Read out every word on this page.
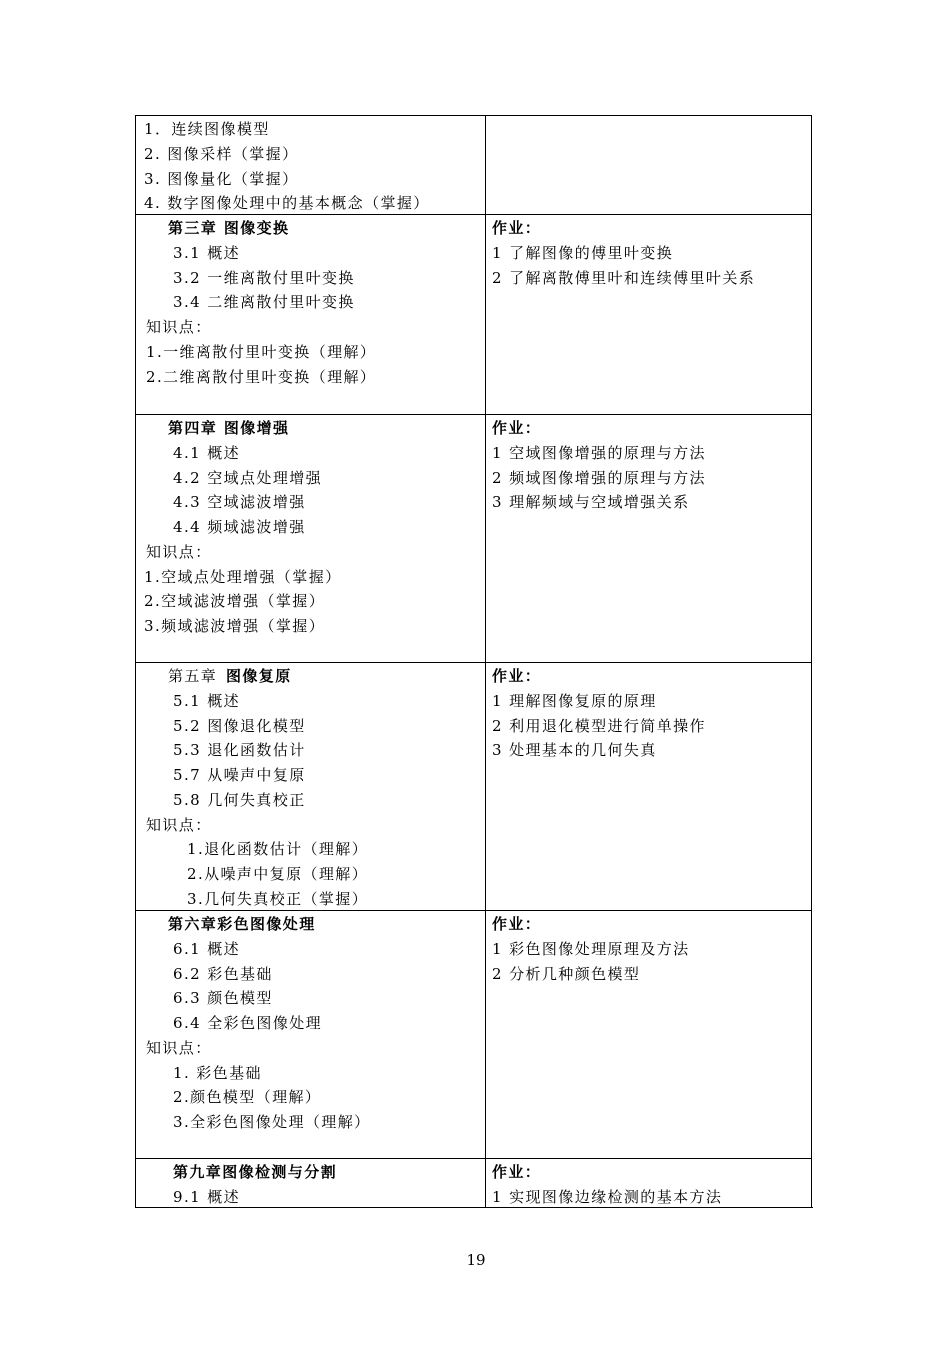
1．连续图像模型
2. 图像采样（掌握）
3. 图像量化（掌握）
4. 数字图像处理中的基本概念（掌握）
第三章 图像变换
3.1 概述
3.2 一维离散付里叶变换
3.4 二维离散付里叶变换
知识点：
1.一维离散付里叶变换（理解）
2.二维离散付里叶变换（理解）
作业：
1 了解图像的傅里叶变换
2 了解离散傅里叶和连续傅里叶关系
第四章 图像增强
4.1 概述
4.2 空域点处理增强
4.3 空域滤波增强
4.4 频域滤波增强
知识点：
1.空域点处理增强（掌握）
2.空域滤波增强（掌握）
3.频域滤波增强（掌握）
作业：
1 空域图像增强的原理与方法
2 频域图像增强的原理与方法
3 理解频域与空域增强关系
第五章 图像复原
5.1 概述
5.2 图像退化模型
5.3 退化函数估计
5.7 从噪声中复原
5.8 几何失真校正
知识点：
1.退化函数估计（理解）
2.从噪声中复原（理解）
3.几何失真校正（掌握）
作业：
1 理解图像复原的原理
2 利用退化模型进行简单操作
3 处理基本的几何失真
第六章彩色图像处理
6.1 概述
6.2 彩色基础
6.3 颜色模型
6.4 全彩色图像处理
知识点：
1. 彩色基础
2.颜色模型（理解）
3.全彩色图像处理（理解）
作业：
1 彩色图像处理原理及方法
2 分析几种颜色模型
第九章图像检测与分割
9.1 概述
作业：
1 实现图像边缘检测的基本方法
19
